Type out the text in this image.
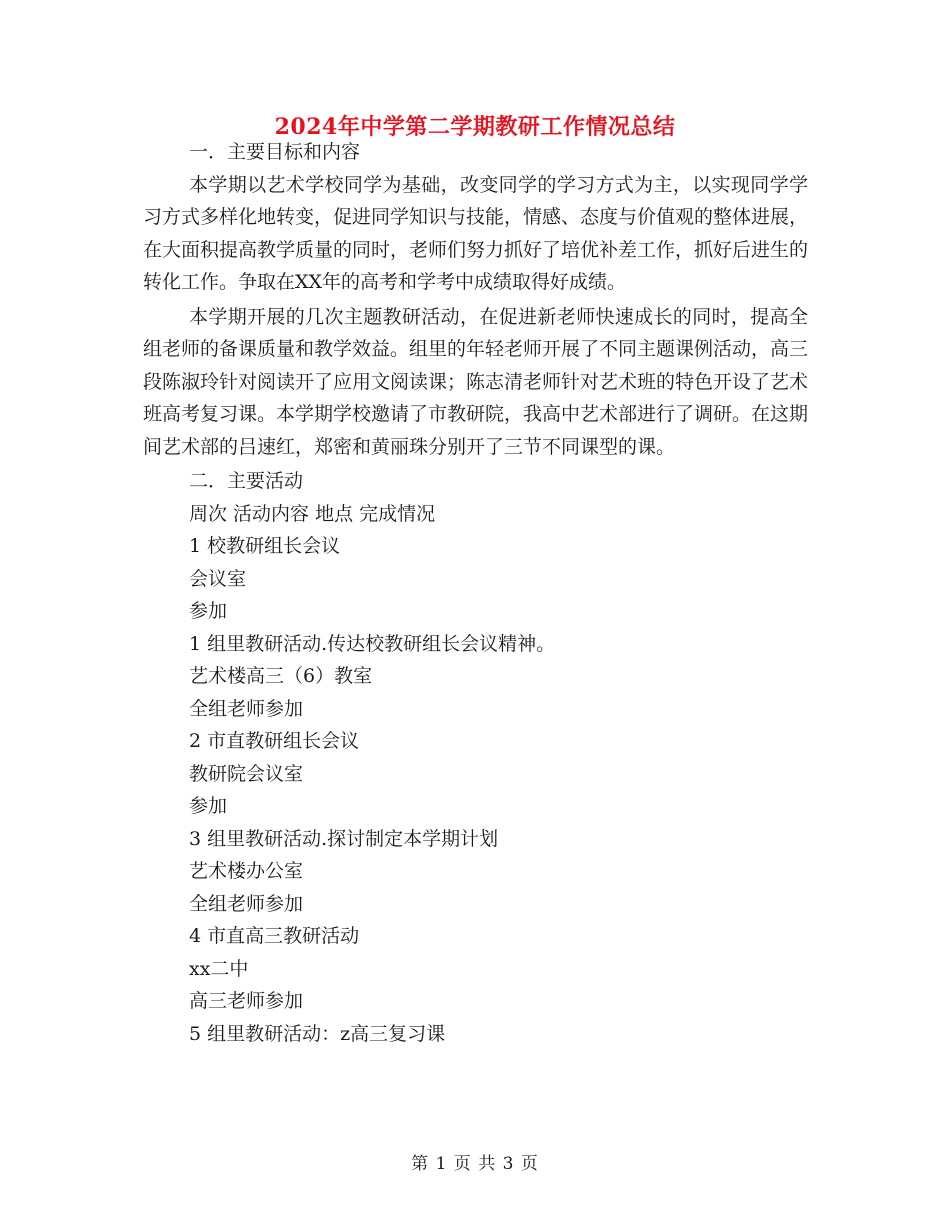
2024年中学第二学期教研工作情况总结
一．主要目标和内容

本学期以艺术学校同学为基础，改变同学的学习方式为主，以实现同学学习方式多样化地转变，促进同学知识与技能，情感、态度与价值观的整体进展，在大面积提高教学质量的同时，老师们努力抓好了培优补差工作，抓好后进生的转化工作。争取在XX年的高考和学考中成绩取得好成绩。

本学期开展的几次主题教研活动，在促进新老师快速成长的同时，提高全组老师的备课质量和教学效益。组里的年轻老师开展了不同主题课例活动，高三段陈淑玲针对阅读开了应用文阅读课；陈志清老师针对艺术班的特色开设了艺术班高考复习课。本学期学校邀请了市教研院，我高中艺术部进行了调研。在这期间艺术部的吕速红，郑密和黄丽珠分别开了三节不同课型的课。

二．主要活动
周次 活动内容 地点 完成情况
1 校教研组长会议
会议室
参加
1 组里教研活动.传达校教研组长会议精神。
艺术楼高三（6）教室
全组老师参加
2 市直教研组长会议
教研院会议室
参加
3 组里教研活动.探讨制定本学期计划
艺术楼办公室
全组老师参加
4 市直高三教研活动
xx二中
高三老师参加
5 组里教研活动：z高三复习课
第 1 页 共 3 页
